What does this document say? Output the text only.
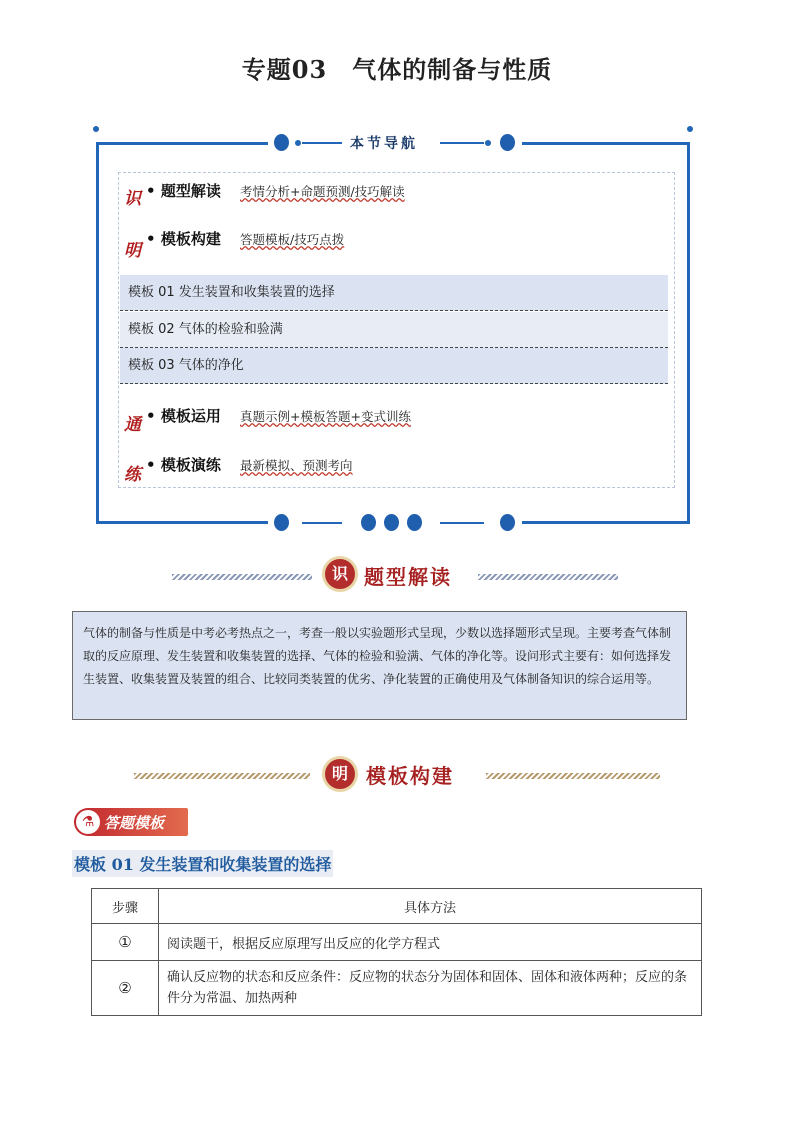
专题03　气体的制备与性质
本节导航
识 • 题型解读 考情分析+命题预测/技巧解读
明
• 模板构建 答题模板/技巧点拨
模板 01 发生装置和收集装置的选择
模板 02 气体的检验和验满
模板 03 气体的净化
通 • 模板运用 真题示例+模板答题+变式训练
练 • 模板演练 最新模拟、预测考向
识 题型解读
气体的制备与性质是中考必考热点之一，考查一般以实验题形式呈现，少数以选择题形式呈现。主要考查气体制取的反应原理、发生装置和收集装置的选择、气体的检验和验满、气体的净化等。设问形式主要有：如何选择发生装置、收集装置及装置的组合、比较同类装置的优劣、净化装置的正确使用及气体制备知识的综合运用等。
明 模板构建
⚗ 答题模板
模板 01 发生装置和收集装置的选择
步骤	具体方法
①	阅读题干，根据反应原理写出反应的化学方程式
②	确认反应物的状态和反应条件：反应物的状态分为固体和固体、固体和液体两种；反应的条件分为常温、加热两种
